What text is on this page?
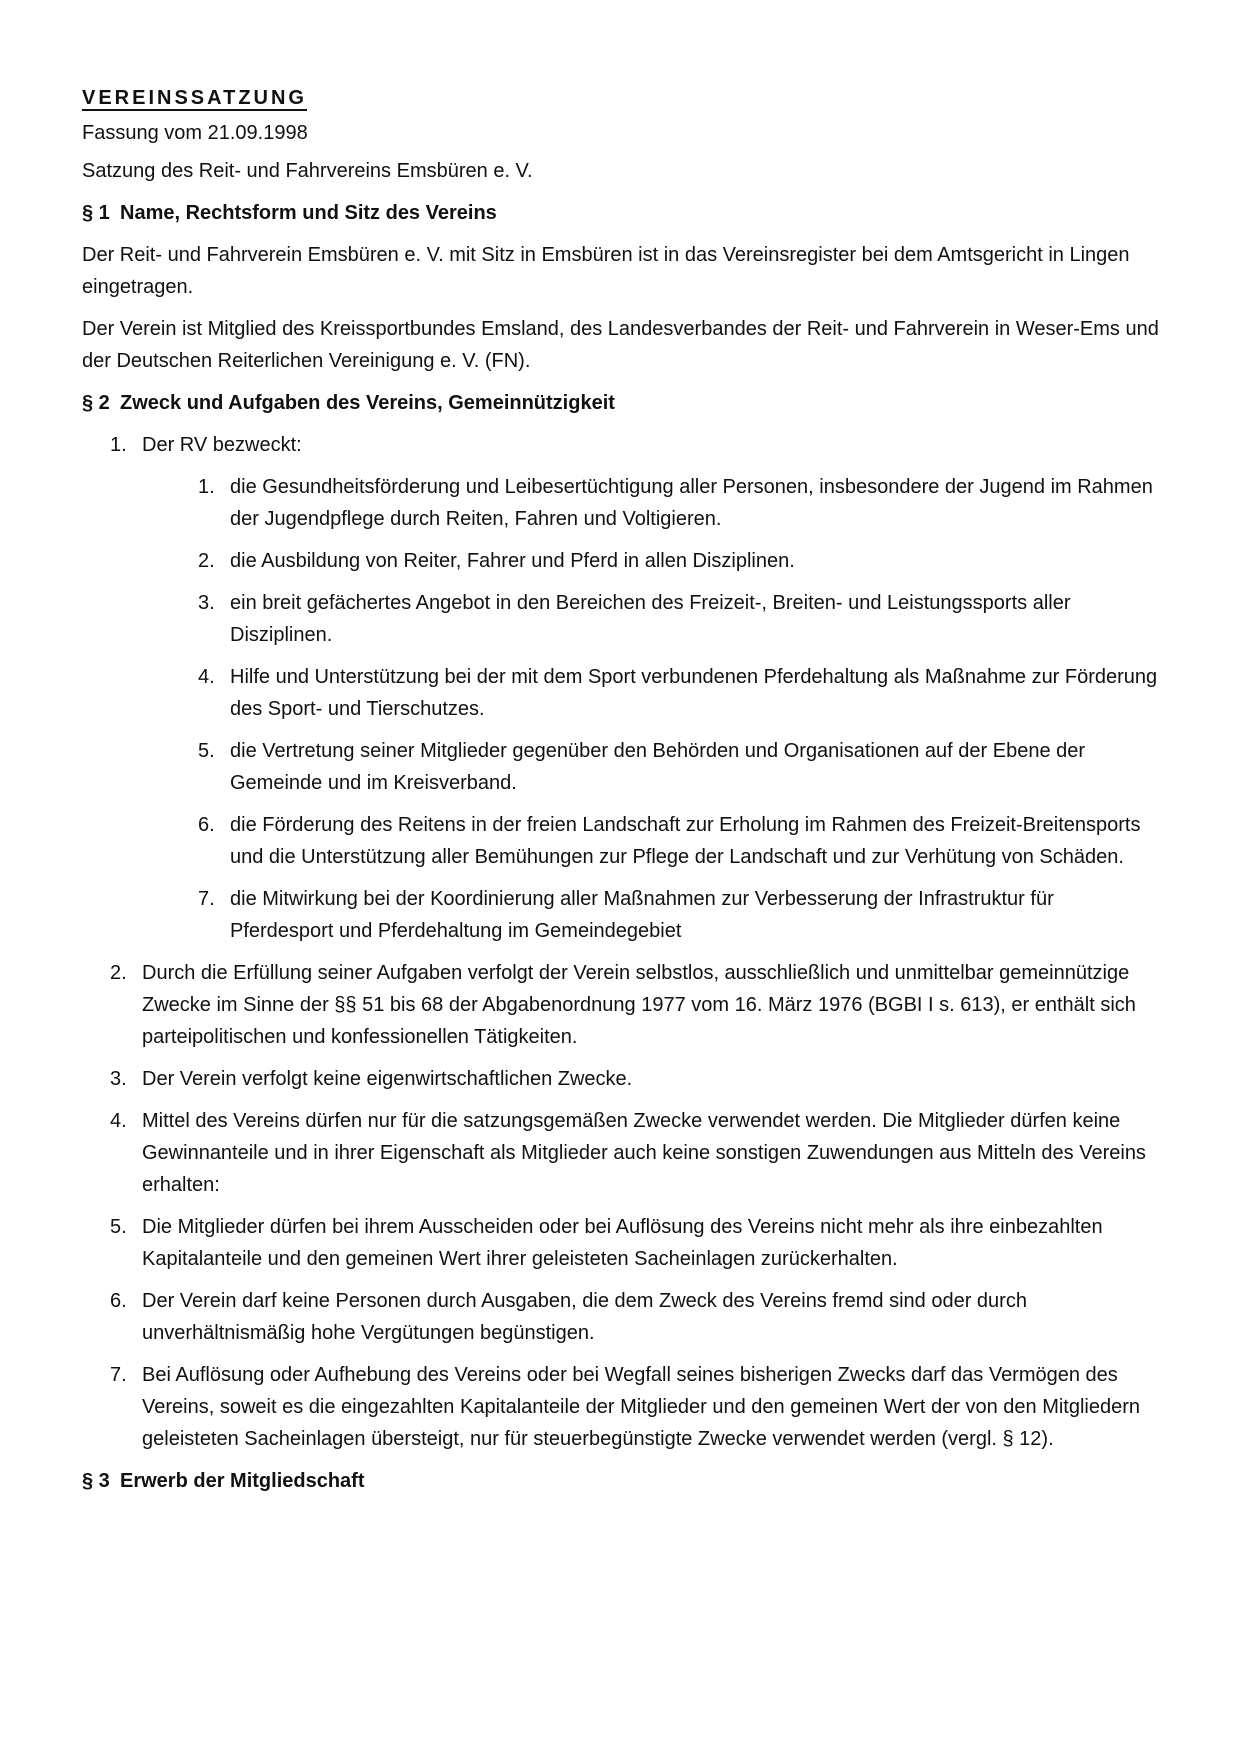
VEREINSSATZUNG

Fassung vom 21.09.1998

Satzung des Reit- und Fahrvereins Emsbüren e. V.

§ 1 Name, Rechtsform und Sitz des Vereins

Der Reit- und Fahrverein Emsbüren e. V. mit Sitz in Emsbüren ist in das Vereinsregister bei dem Amtsgericht in Lingen eingetragen.

Der Verein ist Mitglied des Kreissportbundes Emsland, des Landesverbandes der Reit- und Fahrverein in Weser-Ems und der Deutschen Reiterlichen Vereinigung e. V. (FN).

§ 2 Zweck und Aufgaben des Vereins, Gemeinnützigkeit
1. Der RV bezweckt:
1. die Gesundheitsförderung und Leibesertüchtigung aller Personen, insbesondere der Jugend im Rahmen der Jugendpflege durch Reiten, Fahren und Voltigieren.
2. die Ausbildung von Reiter, Fahrer und Pferd in allen Disziplinen.
3. ein breit gefächertes Angebot in den Bereichen des Freizeit-, Breiten- und Leistungssports aller Disziplinen.
4. Hilfe und Unterstützung bei der mit dem Sport verbundenen Pferdehaltung als Maßnahme zur Förderung des Sport- und Tierschutzes.
5. die Vertretung seiner Mitglieder gegenüber den Behörden und Organisationen auf der Ebene der Gemeinde und im Kreisverband.
6. die Förderung des Reitens in der freien Landschaft zur Erholung im Rahmen des Freizeit-Breitensports und die Unterstützung aller Bemühungen zur Pflege der Landschaft und zur Verhütung von Schäden.
7. die Mitwirkung bei der Koordinierung aller Maßnahmen zur Verbesserung der Infrastruktur für Pferdesport und Pferdehaltung im Gemeindegebiet
2. Durch die Erfüllung seiner Aufgaben verfolgt der Verein selbstlos, ausschließlich und unmittelbar gemeinnützige Zwecke im Sinne der §§ 51 bis 68 der Abgabenordnung 1977 vom 16. März 1976 (BGBI I s. 613), er enthält sich parteipolitischen und konfessionellen Tätigkeiten.
3. Der Verein verfolgt keine eigenwirtschaftlichen Zwecke.
4. Mittel des Vereins dürfen nur für die satzungsgemäßen Zwecke verwendet werden. Die Mitglieder dürfen keine Gewinnanteile und in ihrer Eigenschaft als Mitglieder auch keine sonstigen Zuwendungen aus Mitteln des Vereins erhalten:
5. Die Mitglieder dürfen bei ihrem Ausscheiden oder bei Auflösung des Vereins nicht mehr als ihre einbezahlten Kapitalanteile und den gemeinen Wert ihrer geleisteten Sacheinlagen zurückerhalten.
6. Der Verein darf keine Personen durch Ausgaben, die dem Zweck des Vereins fremd sind oder durch unverhältnismäßig hohe Vergütungen begünstigen.
7. Bei Auflösung oder Aufhebung des Vereins oder bei Wegfall seines bisherigen Zwecks darf das Vermögen des Vereins, soweit es die eingezahlten Kapitalanteile der Mitglieder und den gemeinen Wert der von den Mitgliedern geleisteten Sacheinlagen übersteigt, nur für steuerbegünstigte Zwecke verwendet werden (vergl. § 12).
§ 3 Erwerb der Mitgliedschaft
